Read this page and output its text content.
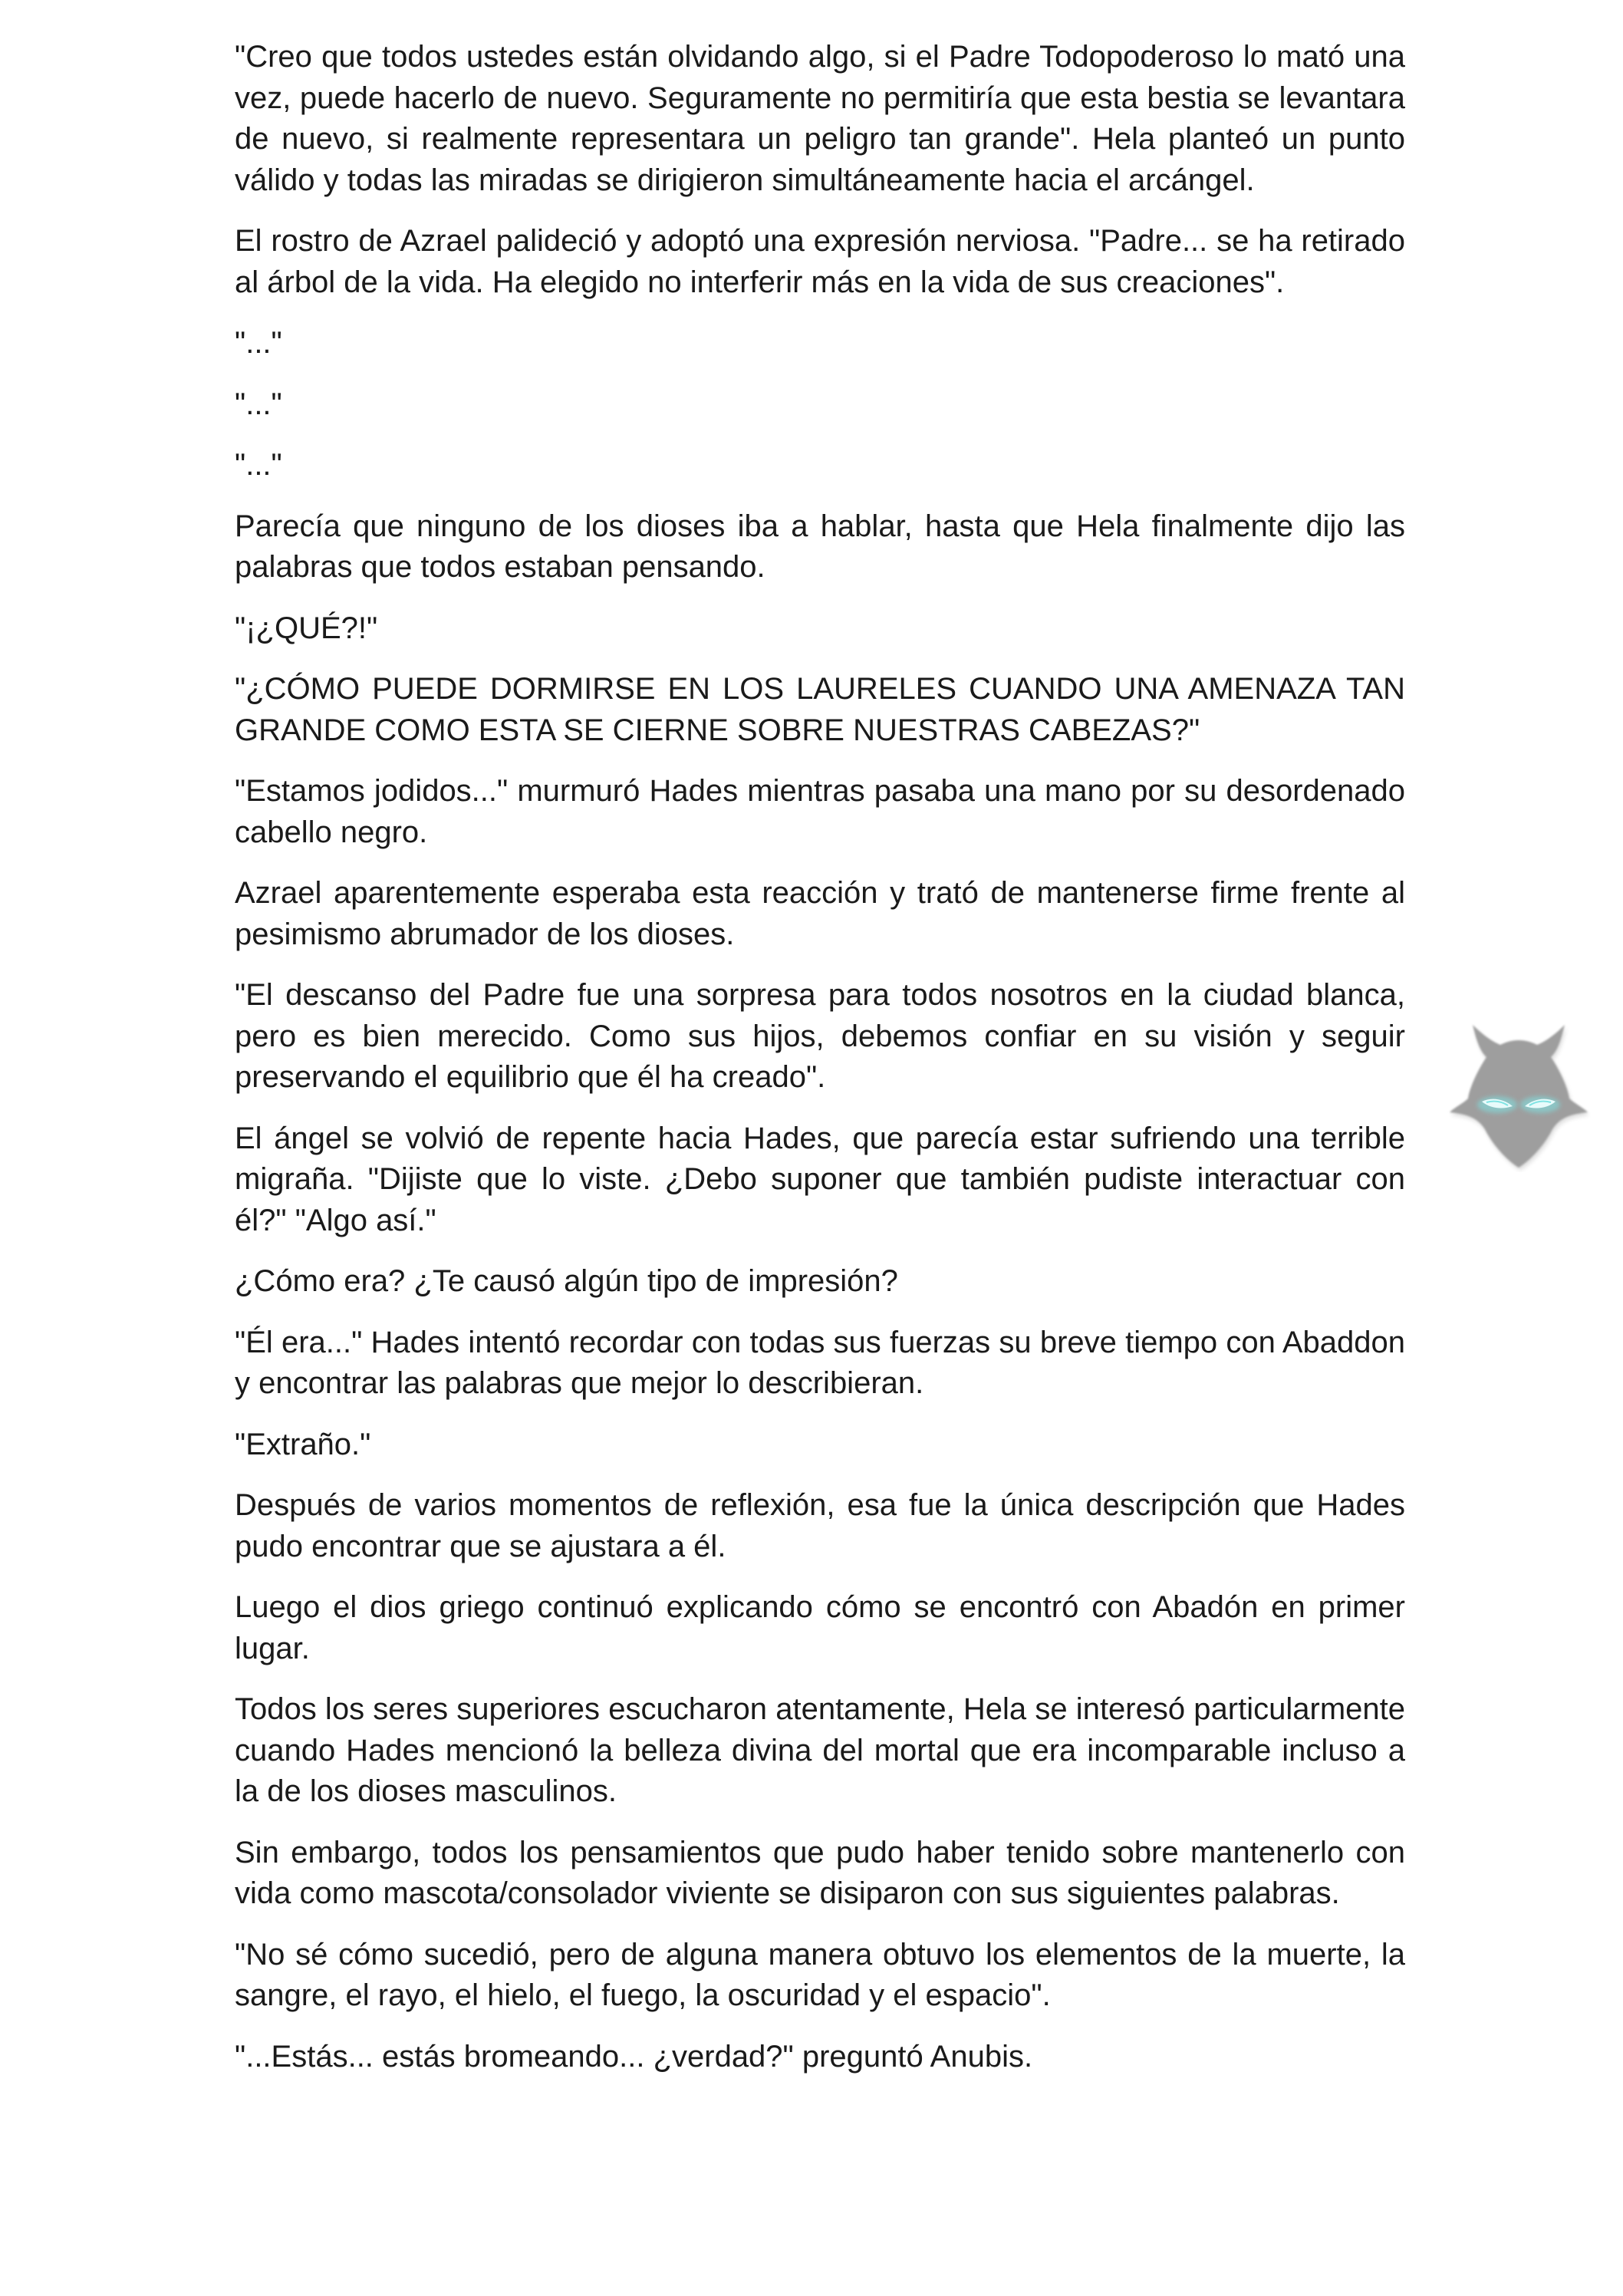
"Creo que todos ustedes están olvidando algo, si el Padre Todopoderoso lo mató una vez, puede hacerlo de nuevo. Seguramente no permitiría que esta bestia se levantara de nuevo, si realmente representara un peligro tan grande". Hela planteó un punto válido y todas las miradas se dirigieron simultáneamente hacia el arcángel.

El rostro de Azrael palideció y adoptó una expresión nerviosa. "Padre... se ha retirado al árbol de la vida. Ha elegido no interferir más en la vida de sus creaciones".

"..."

"..."

"..."

Parecía que ninguno de los dioses iba a hablar, hasta que Hela finalmente dijo las palabras que todos estaban pensando.

"¡¿QUÉ?!"

"¿CÓMO PUEDE DORMIRSE EN LOS LAURELES CUANDO UNA AMENAZA TAN GRANDE COMO ESTA SE CIERNE SOBRE NUESTRAS CABEZAS?"

"Estamos jodidos..." murmuró Hades mientras pasaba una mano por su desordenado cabello negro.

Azrael aparentemente esperaba esta reacción y trató de mantenerse firme frente al pesimismo abrumador de los dioses.

"El descanso del Padre fue una sorpresa para todos nosotros en la ciudad blanca, pero es bien merecido. Como sus hijos, debemos confiar en su visión y seguir preservando el equilibrio que él ha creado".

El ángel se volvió de repente hacia Hades, que parecía estar sufriendo una terrible migraña. "Dijiste que lo viste. ¿Debo suponer que también pudiste interactuar con él?" "Algo así."

¿Cómo era? ¿Te causó algún tipo de impresión?

"Él era..." Hades intentó recordar con todas sus fuerzas su breve tiempo con Abaddon y encontrar las palabras que mejor lo describieran.

"Extraño."

Después de varios momentos de reflexión, esa fue la única descripción que Hades pudo encontrar que se ajustara a él.

Luego el dios griego continuó explicando cómo se encontró con Abadón en primer lugar.

Todos los seres superiores escucharon atentamente, Hela se interesó particularmente cuando Hades mencionó la belleza divina del mortal que era incomparable incluso a la de los dioses masculinos.

Sin embargo, todos los pensamientos que pudo haber tenido sobre mantenerlo con vida como mascota/consolador viviente se disiparon con sus siguientes palabras.

"No sé cómo sucedió, pero de alguna manera obtuvo los elementos de la muerte, la sangre, el rayo, el hielo, el fuego, la oscuridad y el espacio".

"...Estás... estás bromeando... ¿verdad?" preguntó Anubis.
